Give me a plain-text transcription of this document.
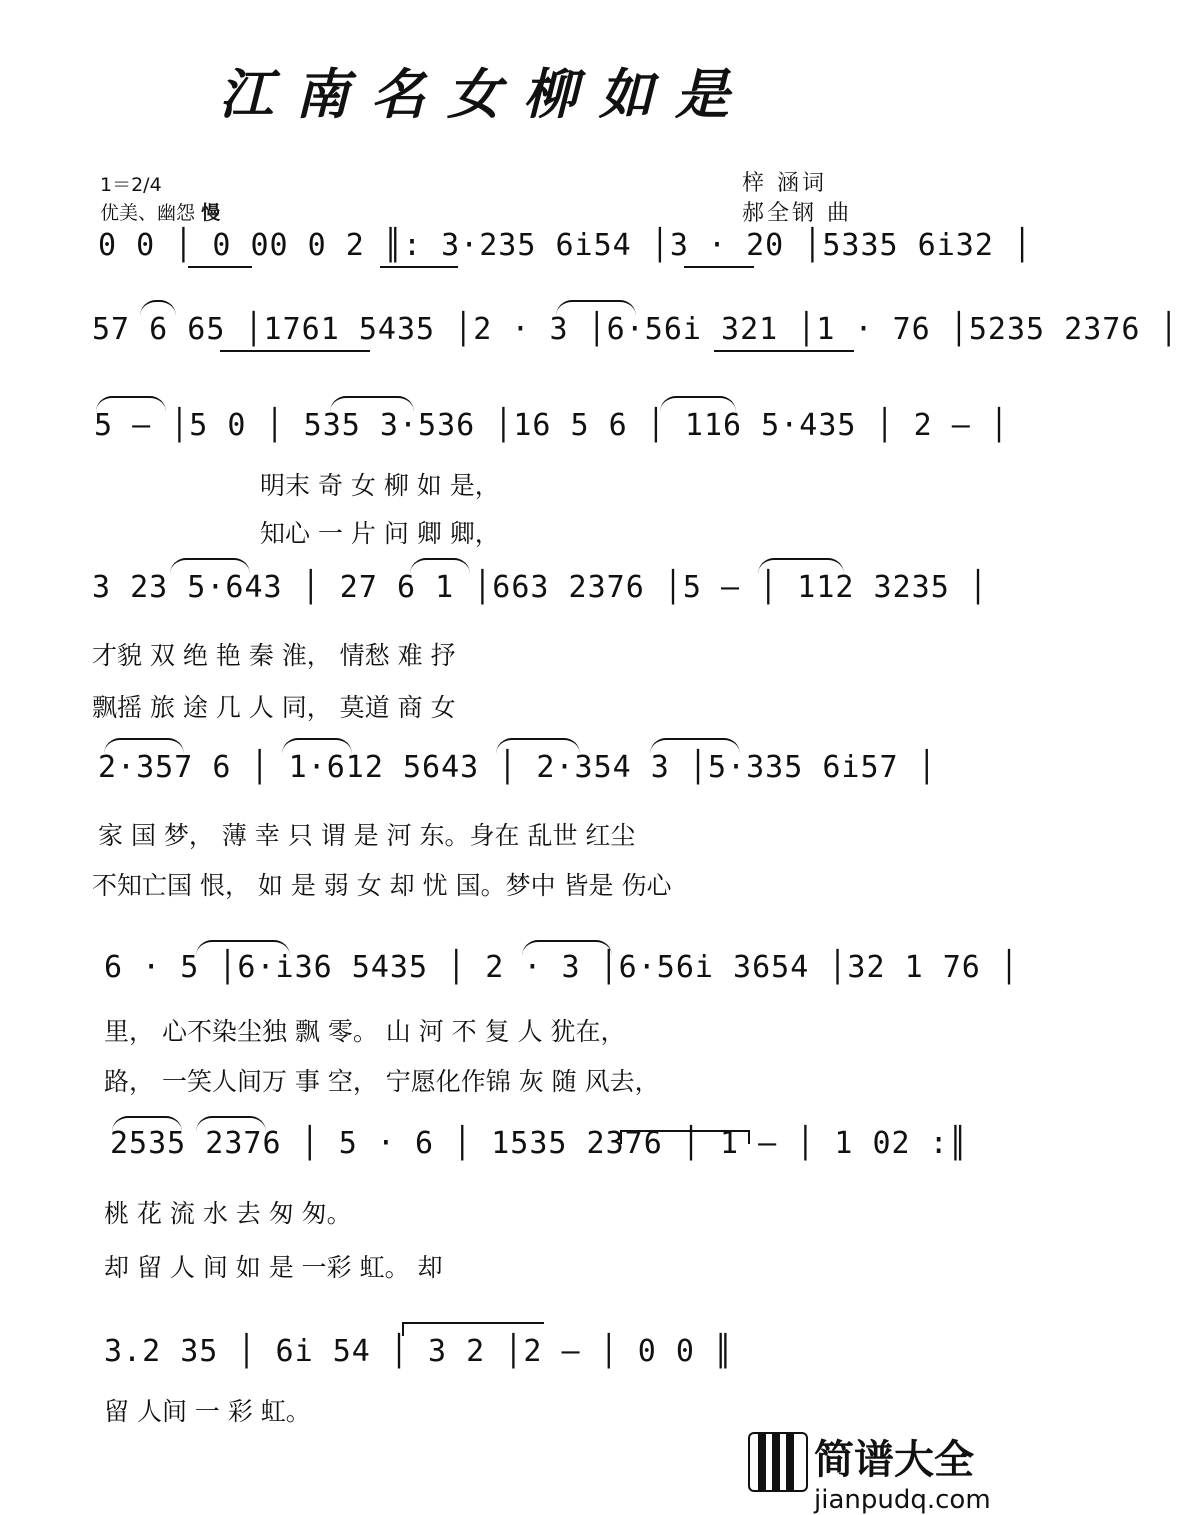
江南名女柳如是
1＝2/4
优美、幽怨 慢
梓 涵词
郝全钢 曲
0 0 │ 0 00 0 2 ║: 3·235 6i54 │3 · 20 │5335 6i32 │
57 6 65 │1761 5435 │2 · 3 │6·56i 321 │1 · 76 │5235 2376 │
5 – │5 0 │ 535 3·536 │16 5 6 │ 116 5·435 │ 2 – │
明末 奇 女 柳 如 是，
知心 一 片 问 卿 卿，
3 23 5·643 │ 27 6 1 │663 2376 │5 – │ 112 3235 │
才貌 双 绝 艳 秦 淮， 情愁 难 抒
飘摇 旅 途 几 人 同， 莫道 商 女
2·357 6 │ 1·612 5643 │ 2·354 3 │5·335 6i57 │
家 国 梦， 薄 幸 只 谓 是 河 东。身在 乱世 红尘
不知亡国 恨， 如 是 弱 女 却 忧 国。梦中 皆是 伤心
6 · 5 │6·i36 5435 │ 2 · 3 │6·56i 3654 │32 1 76 │
里， 心不染尘独 飘 零。 山 河 不 复 人 犹在，
路， 一笑人间万 事 空， 宁愿化作锦 灰 随 风去，
2535 2376 │ 5 · 6 │ 1535 2376 │ 1 – │ 1 02 :║
桃 花 流 水 去 匆 匆。
却 留 人 间 如 是 一彩 虹。 却
3.2 35 │ 6i 54 │ 3 2 │2 – │ 0 0 ║
留 人间 一 彩 虹。
简谱大全
jianpudq.com
